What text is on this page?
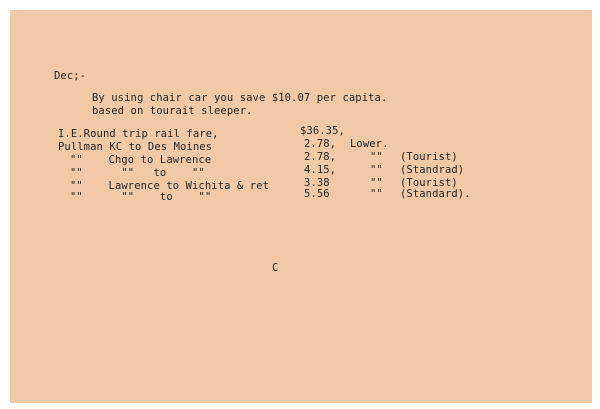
Dec;-
By using chair car you save $10.07 per capita.
based on tourait sleeper.
I.E.Round trip rail fare,	$36.35,
Pullman KC to Des Moines	2.78, Lower.
""    Chgo to Lawrence	2.78,	"" (Tourist)
""      ""   to    ""	4.15,	"" (Standrad)
""    Lawrence to Wichita & ret	3.38	"" (Tourist)
""      ""    to    ""	5.56	"" (Standard).
C
